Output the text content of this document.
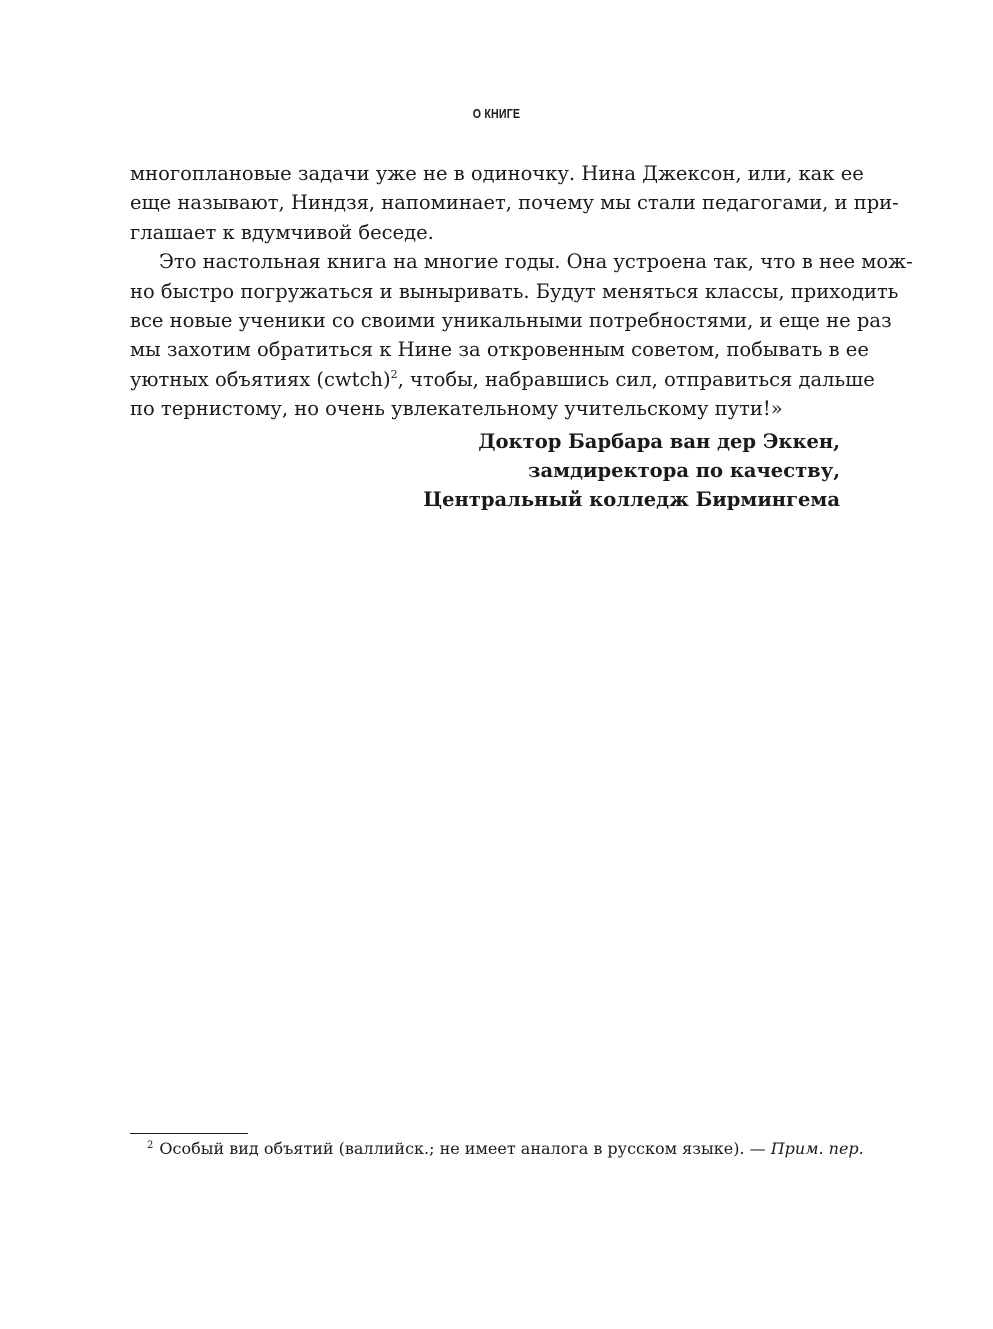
О КНИГЕ
многоплановые задачи уже не в одиночку. Нина Джексон, или, как ее
еще называют, Ниндзя, напоминает, почему мы стали педагогами, и при-
глашает к вдумчивой беседе.
Это настольная книга на многие годы. Она устроена так, что в нее мож-
но быстро погружаться и выныривать. Будут меняться классы, приходить
все новые ученики со своими уникальными потребностями, и еще не раз
мы захотим обратиться к Нине за откровенным советом, побывать в ее
уютных объятиях (cwtch)$^2$, чтобы, набравшись сил, отправиться дальше
по тернистому, но очень увлекательному учительскому пути!»
Доктор Барбара ван дер Эккен,
замдиректора по качеству,
Центральный колледж Бирмингема
$^2$ Особый вид объятий (валлийск.; не имеет аналога в русском языке). — Прим. пер.
